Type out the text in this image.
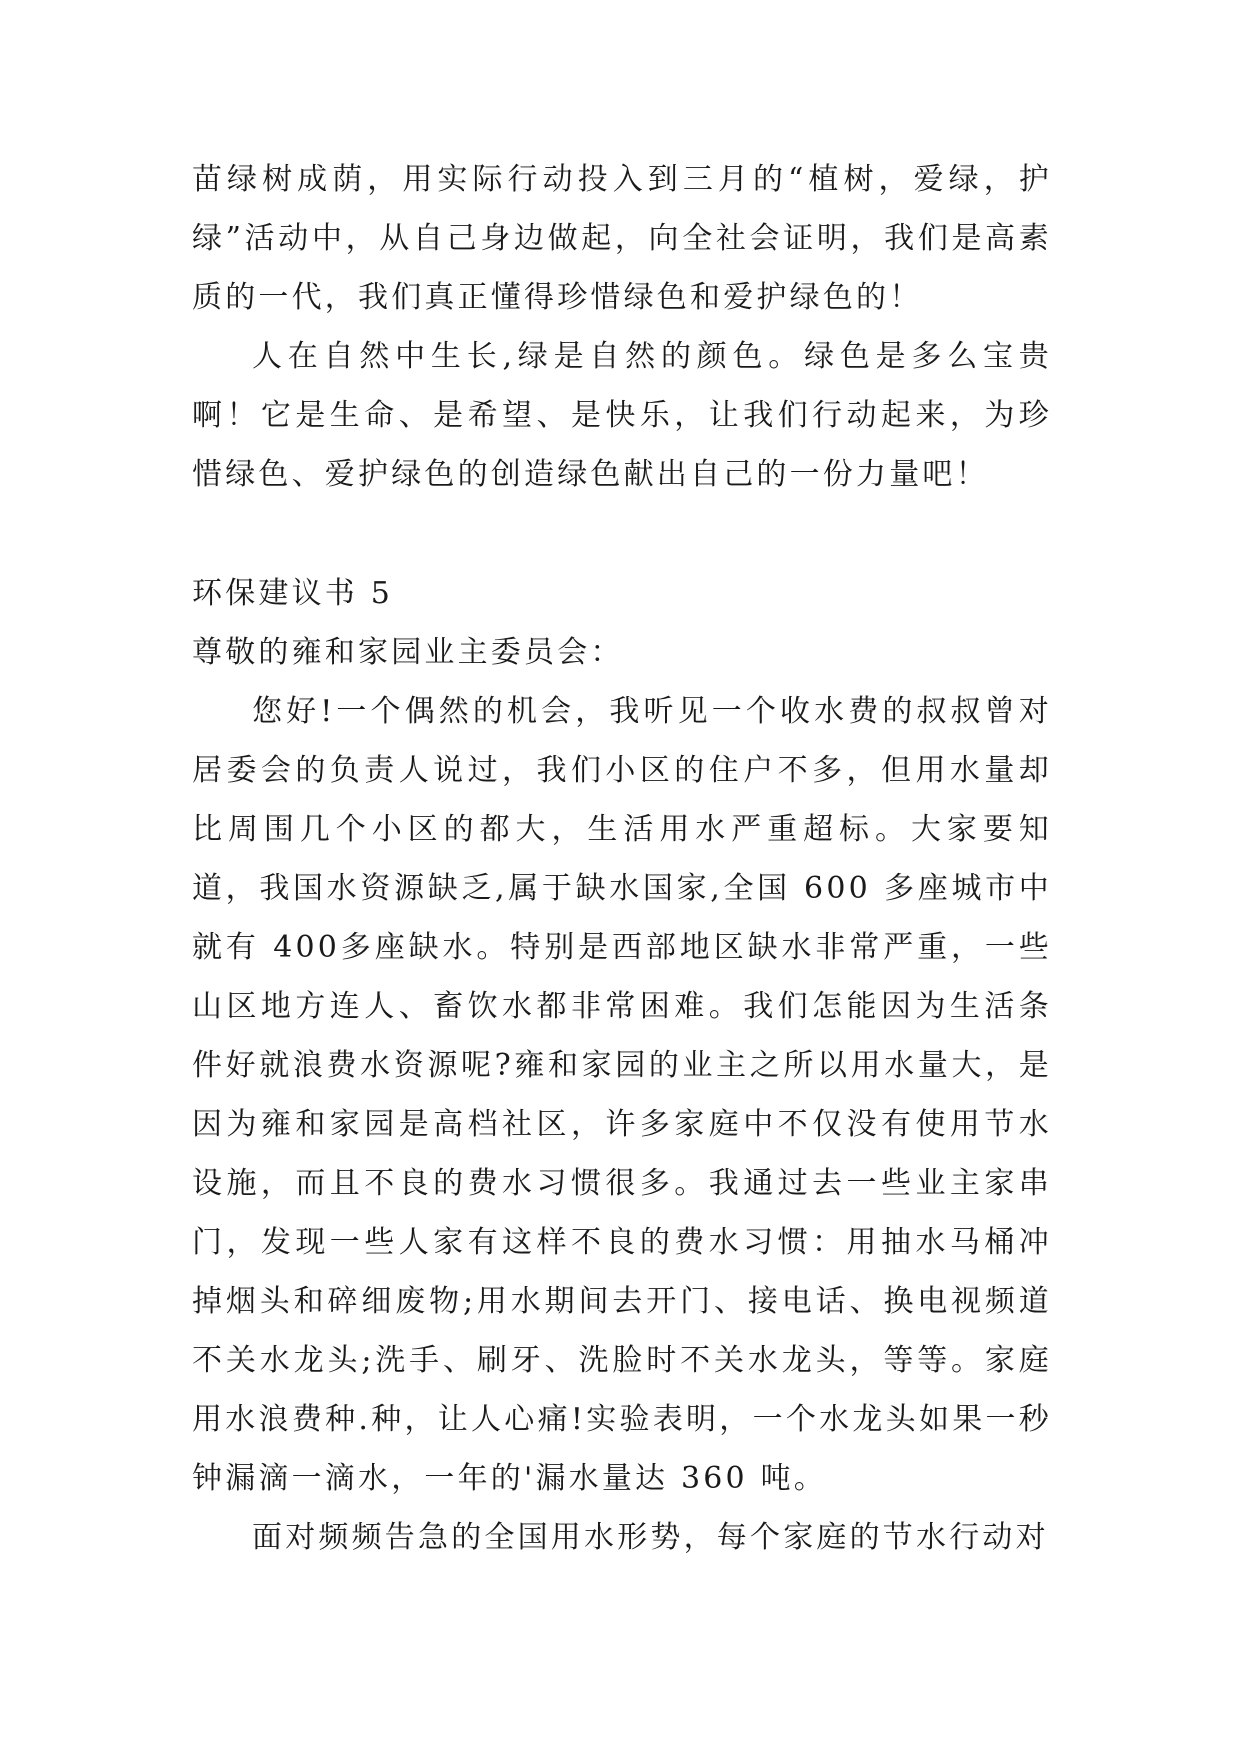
苗绿树成荫，用实际行动投入到三月的“植树，爱绿，护绿”活动中，从自己身边做起，向全社会证明，我们是高素质的一代，我们真正懂得珍惜绿色和爱护绿色的！

人在自然中生长,绿是自然的颜色。绿色是多么宝贵啊！它是生命、是希望、是快乐，让我们行动起来，为珍惜绿色、爱护绿色的创造绿色献出自己的一份力量吧！

环保建议书 5

尊敬的雍和家园业主委员会：

您好!一个偶然的机会，我听见一个收水费的叔叔曾对居委会的负责人说过，我们小区的住户不多，但用水量却比周围几个小区的都大，生活用水严重超标。大家要知道，我国水资源缺乏,属于缺水国家,全国 600 多座城市中就有 400多座缺水。特别是西部地区缺水非常严重，一些山区地方连人、畜饮水都非常困难。我们怎能因为生活条件好就浪费水资源呢?雍和家园的业主之所以用水量大，是因为雍和家园是高档社区，许多家庭中不仅没有使用节水设施，而且不良的费水习惯很多。我通过去一些业主家串门，发现一些人家有这样不良的费水习惯：用抽水马桶冲掉烟头和碎细废物;用水期间去开门、接电话、换电视频道不关水龙头;洗手、刷牙、洗脸时不关水龙头，等等。家庭用水浪费种.种，让人心痛!实验表明，一个水龙头如果一秒钟漏滴一滴水，一年的'漏水量达 360 吨。

面对频频告急的全国用水形势，每个家庭的节水行动对
